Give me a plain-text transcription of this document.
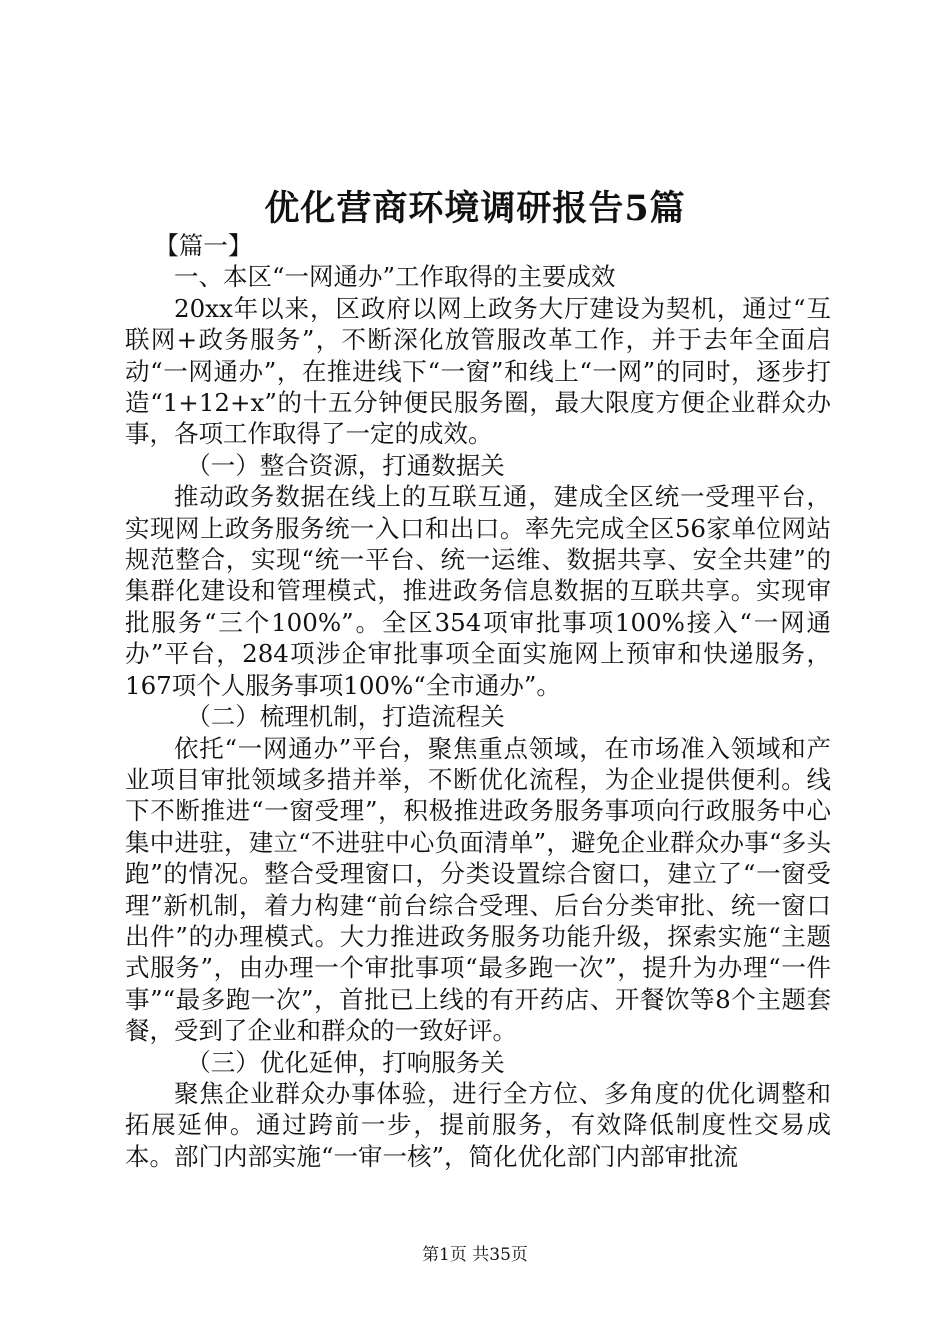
优化营商环境调研报告5篇

【篇一】

一、本区“一网通办”工作取得的主要成效

20xx年以来，区政府以网上政务大厅建设为契机，通过“互联网+政务服务”，不断深化放管服改革工作，并于去年全面启动“一网通办”，在推进线下“一窗”和线上“一网”的同时，逐步打造“1+12+x”的十五分钟便民服务圈，最大限度方便企业群众办事，各项工作取得了一定的成效。

（一）整合资源，打通数据关

推动政务数据在线上的互联互通，建成全区统一受理平台，实现网上政务服务统一入口和出口。率先完成全区56家单位网站规范整合，实现“统一平台、统一运维、数据共享、安全共建”的集群化建设和管理模式，推进政务信息数据的互联共享。实现审批服务“三个100%”。全区354项审批事项100%接入“一网通办”平台，284项涉企审批事项全面实施网上预审和快递服务，167项个人服务事项100%“全市通办”。

（二）梳理机制，打造流程关

依托“一网通办”平台，聚焦重点领域，在市场准入领域和产业项目审批领域多措并举，不断优化流程，为企业提供便利。线下不断推进“一窗受理”，积极推进政务服务事项向行政服务中心集中进驻，建立“不进驻中心负面清单”，避免企业群众办事“多头跑”的情况。整合受理窗口，分类设置综合窗口，建立了“一窗受理”新机制，着力构建“前台综合受理、后台分类审批、统一窗口出件”的办理模式。大力推进政务服务功能升级，探索实施“主题式服务”，由办理一个审批事项“最多跑一次”，提升为办理“一件事”“最多跑一次”，首批已上线的有开药店、开餐饮等8个主题套餐，受到了企业和群众的一致好评。

（三）优化延伸，打响服务关

聚焦企业群众办事体验，进行全方位、多角度的优化调整和拓展延伸。通过跨前一步，提前服务，有效降低制度性交易成本。部门内部实施“一审一核”，简化优化部门内部审批流

第1页 共35页
